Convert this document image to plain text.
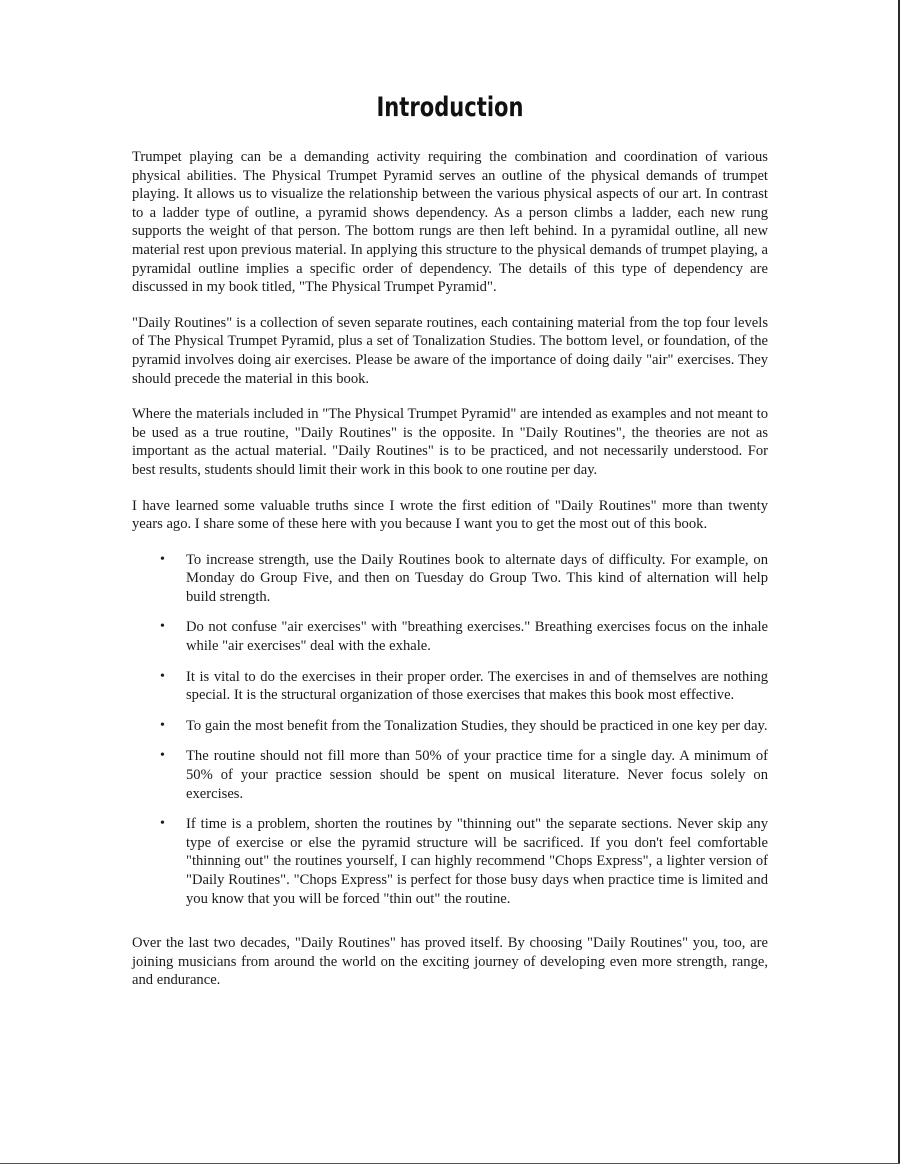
Introduction

Trumpet playing can be a demanding activity requiring the combination and coordination of various physical abilities. The Physical Trumpet Pyramid serves an outline of the physical demands of trumpet playing. It allows us to visualize the relationship between the various physical aspects of our art. In contrast to a ladder type of outline, a pyramid shows dependency. As a person climbs a ladder, each new rung supports the weight of that person. The bottom rungs are then left behind. In a pyramidal outline, all new material rest upon previous material. In applying this structure to the physical demands of trumpet playing, a pyramidal outline implies a specific order of dependency. The details of this type of dependency are discussed in my book titled, "The Physical Trumpet Pyramid".

"Daily Routines" is a collection of seven separate routines, each containing material from the top four levels of The Physical Trumpet Pyramid, plus a set of Tonalization Studies. The bottom level, or foundation, of the pyramid involves doing air exercises. Please be aware of the importance of doing daily "air" exercises. They should precede the material in this book.

Where the materials included in "The Physical Trumpet Pyramid" are intended as examples and not meant to be used as a true routine, "Daily Routines" is the opposite. In "Daily Routines", the theories are not as important as the actual material. "Daily Routines" is to be practiced, and not necessarily understood. For best results, students should limit their work in this book to one routine per day.

I have learned some valuable truths since I wrote the first edition of "Daily Routines" more than twenty years ago. I share some of these here with you because I want you to get the most out of this book.

• To increase strength, use the Daily Routines book to alternate days of difficulty. For example, on Monday do Group Five, and then on Tuesday do Group Two. This kind of alternation will help build strength.
• Do not confuse "air exercises" with "breathing exercises." Breathing exercises focus on the inhale while "air exercises" deal with the exhale.
• It is vital to do the exercises in their proper order. The exercises in and of themselves are nothing special. It is the structural organization of those exercises that makes this book most effective.
• To gain the most benefit from the Tonalization Studies, they should be practiced in one key per day.
• The routine should not fill more than 50% of your practice time for a single day. A minimum of 50% of your practice session should be spent on musical literature. Never focus solely on exercises.
• If time is a problem, shorten the routines by "thinning out" the separate sections. Never skip any type of exercise or else the pyramid structure will be sacrificed. If you don't feel comfortable "thinning out" the routines yourself, I can highly recommend "Chops Express", a lighter version of "Daily Routines". "Chops Express" is perfect for those busy days when practice time is limited and you know that you will be forced "thin out" the routine.

Over the last two decades, "Daily Routines" has proved itself. By choosing "Daily Routines" you, too, are joining musicians from around the world on the exciting journey of developing even more strength, range, and endurance.
